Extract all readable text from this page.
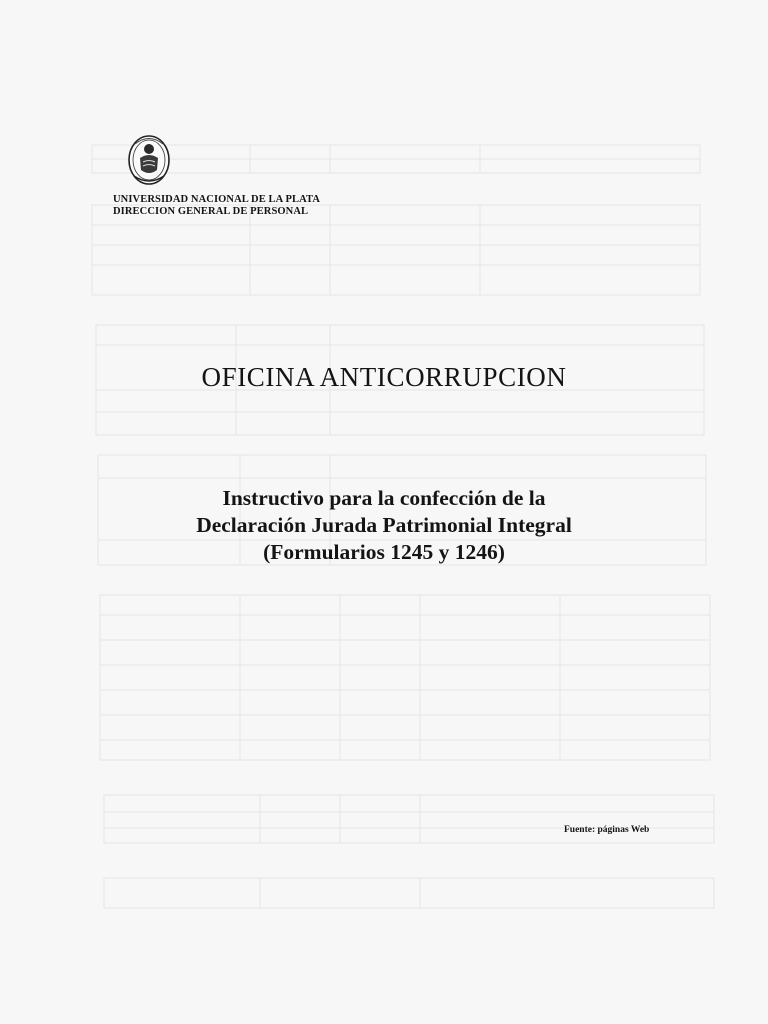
UNIVERSIDAD NACIONAL DE LA PLATA
DIRECCION GENERAL DE PERSONAL
OFICINA ANTICORRUPCION
Instructivo para la confección de la
Declaración Jurada Patrimonial Integral
(Formularios 1245 y 1246)
Fuente: páginas Web
